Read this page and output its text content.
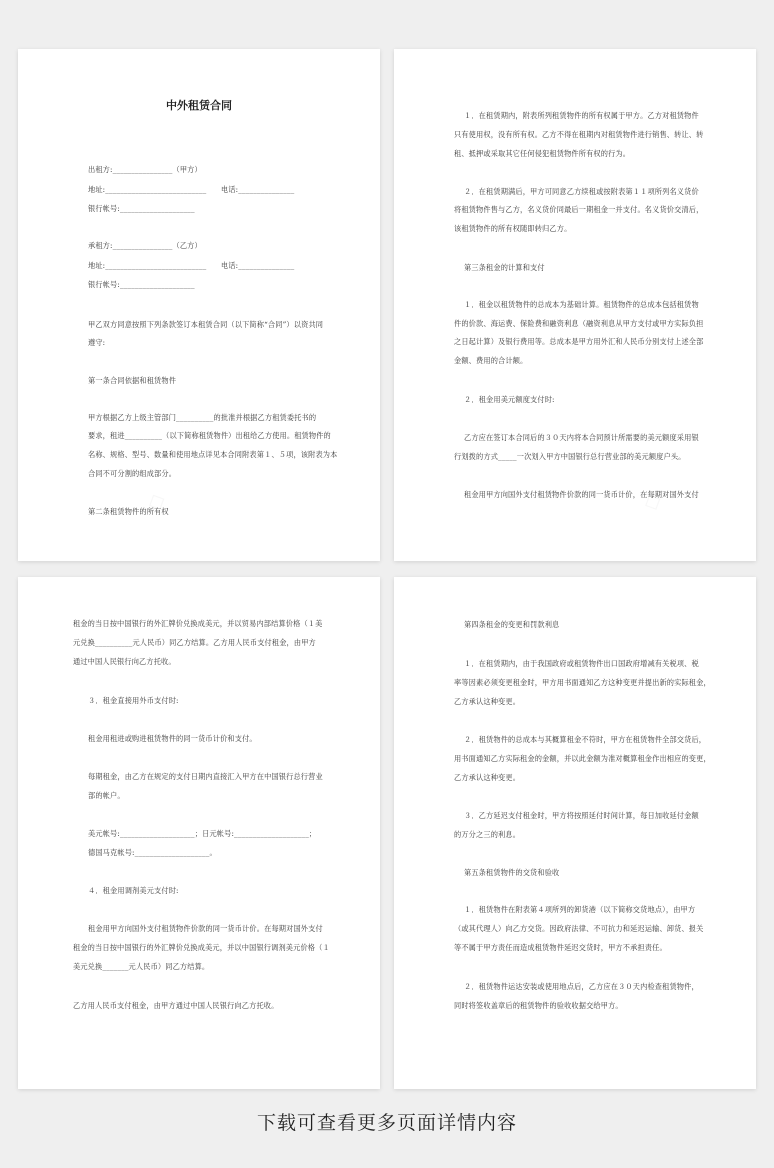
中外租赁合同
出租方:________________（甲方）
地址:___________________________　　电话:_______________
银行帐号:____________________
承租方:________________（乙方）
地址:___________________________　　电话:_______________
银行帐号:____________________
甲乙双方同意按照下列条款签订本租赁合同（以下简称“合同”）以资共同
遵守:
第一条合同依据和租赁物件
甲方根据乙方上级主管部门__________的批准并根据乙方租赁委托书的
要求，租进__________（以下简称租赁物件）出租给乙方使用。租赁物件的
名称、规格、型号、数量和使用地点详见本合同附表第１、５项，该附表为本
合同不可分割的组成部分。
第二条租赁物件的所有权
１．在租赁期内，附表所列租赁物件的所有权属于甲方。乙方对租赁物件
只有使用权，没有所有权。乙方不得在租期内对租赁物件进行销售、转让、转
租、抵押或采取其它任何侵犯租赁物件所有权的行为。
２．在租赁期满后，甲方可同意乙方续租或按附表第１１项所列名义货价
将租赁物件售与乙方，名义货价同最后一期租金一并支付。名义货价交清后，
该租赁物件的所有权随即转归乙方。
第三条租金的计算和支付
１．租金以租赁物件的总成本为基础计算。租赁物件的总成本包括租赁物
件的价款、海运费、保险费和融资利息（融资利息从甲方支付或甲方实际负担
之日起计算）及银行费用等。总成本是甲方用外汇和人民币分别支付上述全部
金额、费用的合计额。
２．租金用美元额度支付时:
乙方应在签订本合同后的３０天内将本合同预计所需要的美元额度采用银
行划拨的方式_____一次划入甲方中国银行总行营业部的美元额度户头。
租金用甲方向国外支付租赁物件价款的同一货币计价，在每期对国外支付
租金的当日按中国银行的外汇牌价兑换成美元，并以贸易内部结算价格（１美
元兑换__________元人民币）同乙方结算。乙方用人民币支付租金，由甲方
通过中国人民银行向乙方托收。
３．租金直接用外币支付时:
租金用租进或购进租赁物件的同一货币计价和支付。
每期租金，由乙方在规定的支付日期内直接汇入甲方在中国银行总行营业
部的帐户。
美元帐号:____________________；日元帐号:____________________；
德国马克帐号:____________________。
４．租金用调剂美元支付时:
租金用甲方向国外支付租赁物件价款的同一货币计价。在每期对国外支付
租金的当日按中国银行的外汇牌价兑换成美元，并以中国银行调剂美元价格（１
美元兑换_______元人民币）同乙方结算。
乙方用人民币支付租金，由甲方通过中国人民银行向乙方托收。
第四条租金的变更和罚款利息
１．在租赁期内，由于我国政府或租赁物件出口国政府增减有关税项、税
率等因素必须变更租金时，甲方用书面通知乙方这种变更并提出新的实际租金，
乙方承认这种变更。
２．租赁物件的总成本与其概算租金不符时，甲方在租赁物件全部交货后，
用书面通知乙方实际租金的金额，并以此金额为准对概算租金作出相应的变更，
乙方承认这种变更。
３．乙方延迟支付租金时，甲方将按照延付时间计算，每日加收延付金额
的万分之三的利息。
第五条租赁物件的交货和验收
１．租赁物件在附表第４项所列的卸货港（以下简称交货地点），由甲方
（或其代理人）向乙方交货。因政府法律、不可抗力和延迟运输、卸货、报关
等不属于甲方责任而造成租赁物件延迟交货时，甲方不承担责任。
２．租赁物件运达安装或使用地点后，乙方应在３０天内检查租赁物件，
同时将签收盖章后的租赁物件的验收收据交给甲方。
下载可查看更多页面详情内容
